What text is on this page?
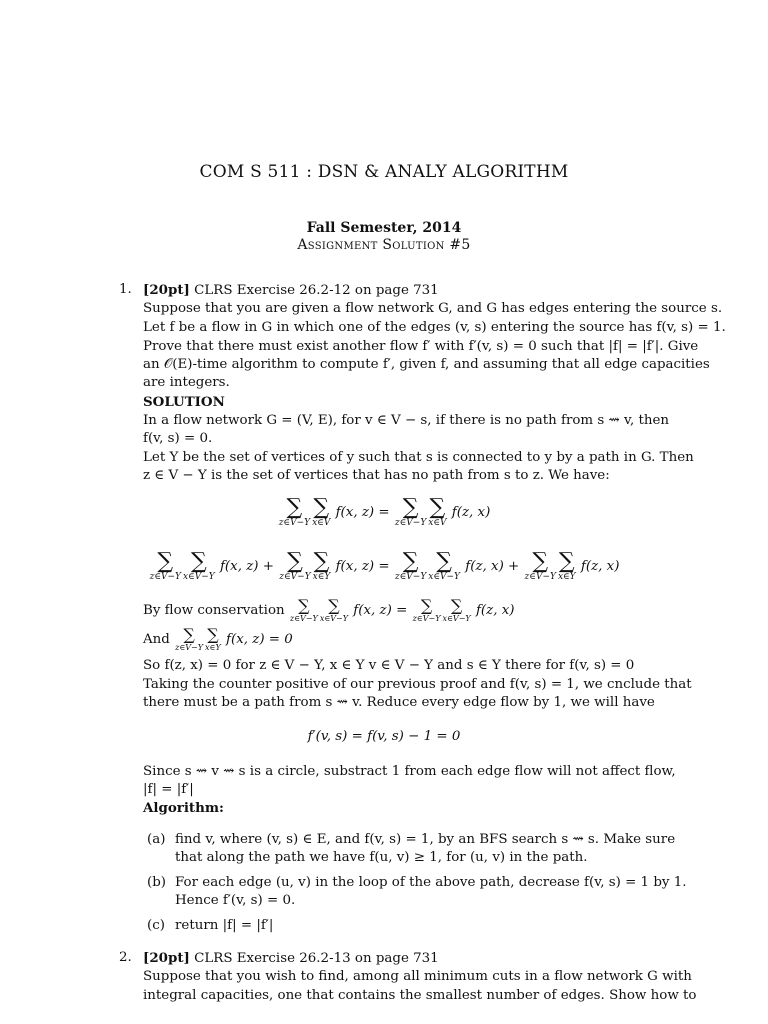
COM S 511 : DSN & ANALY ALGORITHM
Fall Semester, 2014
Assignment Solution #5
1. [20pt] CLRS Exercise 26.2-12 on page 731
Suppose that you are given a flow network G, and G has edges entering the source s.
Let f be a flow in G in which one of the edges (v, s) entering the source has f(v, s) = 1.
Prove that there must exist another flow f′ with f′(v, s) = 0 such that |f| = |f′|. Give
an 𝒪(E)-time algorithm to compute f′, given f, and assuming that all edge capacities
are integers.
SOLUTION
In a flow network G = (V, E), for v ∈ V − s, if there is no path from s ⇝ v, then
f(v, s) = 0.
Let Y be the set of vertices of y such that s is connected to y by a path in G. Then
z ∈ V − Y is the set of vertices that has no path from s to z. We have:
∑
z∈V−Y
∑
x∈V
f(x, z) = ∑
z∈V−Y
∑
x∈V
f(z, x)
∑
z∈V−Y
∑
x∈V−Y
f(x, z) + ∑
z∈V−Y
∑
x∈Y
f(x, z) = ∑
z∈V−Y
∑
x∈V−Y
f(z, x) + ∑
z∈V−Y
∑
x∈Y
f(z, x)
By flow conservation ∑
z∈V−Y
∑
x∈V−Y
f(x, z) = ∑
z∈V−Y
∑
x∈V−Y
f(z, x)
And ∑
z∈V−Y
∑
x∈Y
f(x, z) = 0
So f(z, x) = 0 for z ∈ V − Y, x ∈ Y v ∈ V − Y and s ∈ Y there for f(v, s) = 0
Taking the counter positive of our previous proof and f(v, s) = 1, we cnclude that
there must be a path from s ⇝ v. Reduce every edge flow by 1, we will have
f′(v, s) = f(v, s) − 1 = 0
Since s ⇝ v ⇝ s is a circle, substract 1 from each edge flow will not affect flow,
|f| = |f′|
Algorithm:
(a) find v, where (v, s) ∈ E, and f(v, s) = 1, by an BFS search s ⇝ s. Make sure
that along the path we have f(u, v) ≥ 1, for (u, v) in the path.
(b) For each edge (u, v) in the loop of the above path, decrease f(v, s) = 1 by 1.
Hence f′(v, s) = 0.
(c) return |f| = |f′|
2. [20pt] CLRS Exercise 26.2-13 on page 731
Suppose that you wish to find, among all minimum cuts in a flow network G with
integral capacities, one that contains the smallest number of edges. Show how to
